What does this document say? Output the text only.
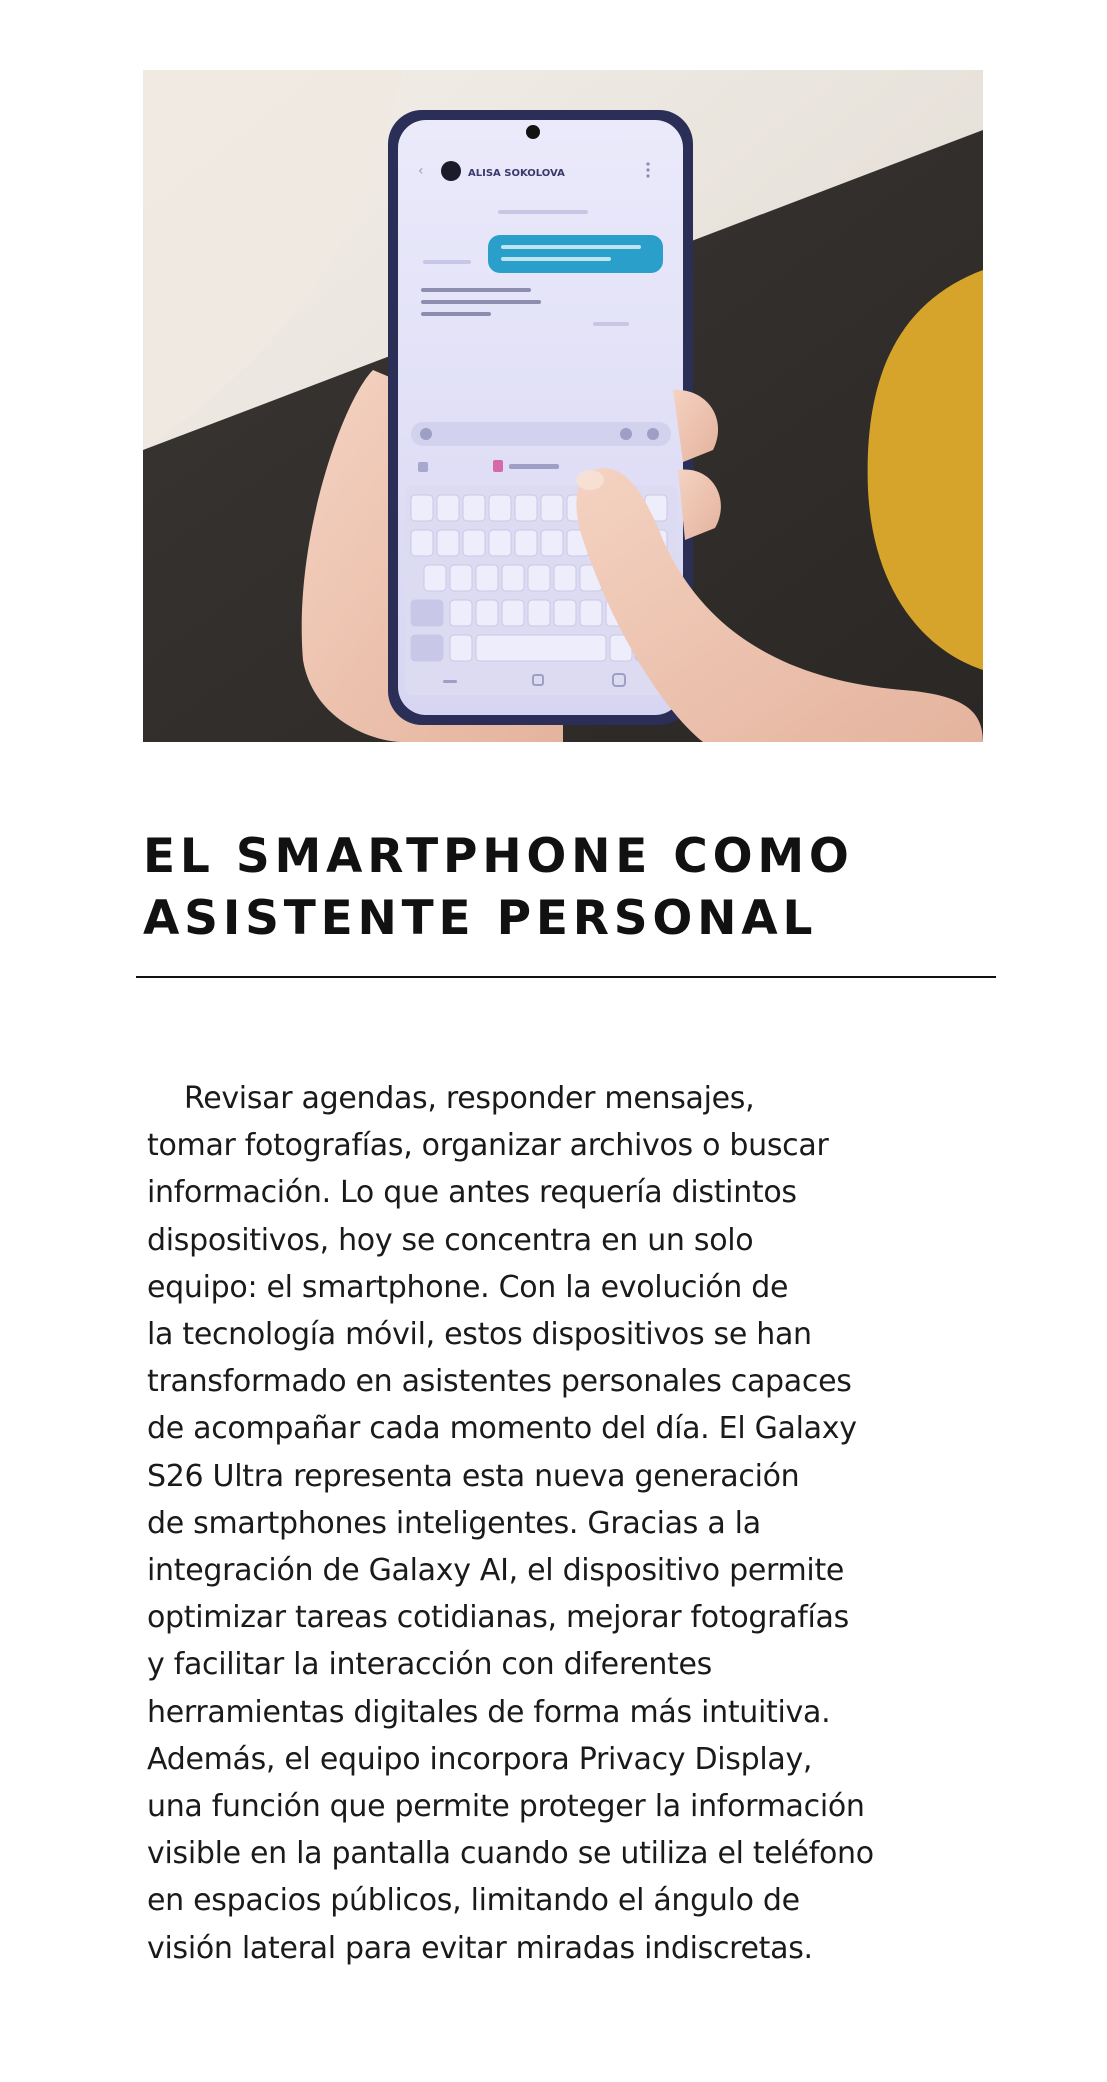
‹	ALISA SOKOLOVA
EL SMARTPHONE COMO
ASISTENTE PERSONAL

Revisar agendas, responder mensajes,
tomar fotografías, organizar archivos o buscar
información. Lo que antes requería distintos
dispositivos, hoy se concentra en un solo
equipo: el smartphone. Con la evolución de
la tecnología móvil, estos dispositivos se han
transformado en asistentes personales capaces
de acompañar cada momento del día. El Galaxy
S26 Ultra representa esta nueva generación
de smartphones inteligentes. Gracias a la
integración de Galaxy AI, el dispositivo permite
optimizar tareas cotidianas, mejorar fotografías
y facilitar la interacción con diferentes
herramientas digitales de forma más intuitiva.
Además, el equipo incorpora Privacy Display,
una función que permite proteger la información
visible en la pantalla cuando se utiliza el teléfono
en espacios públicos, limitando el ángulo de
visión lateral para evitar miradas indiscretas.
